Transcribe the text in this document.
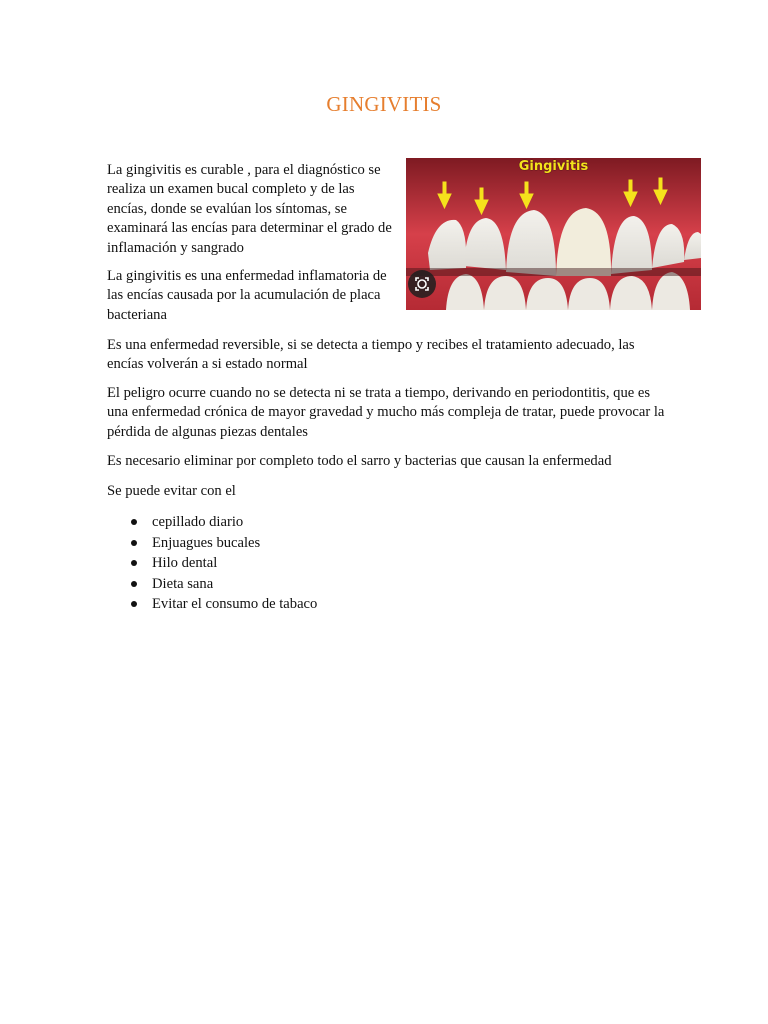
GINGIVITIS

La gingivitis es curable , para el diagnóstico se realiza un examen bucal completo y de las encías, donde se evalúan los síntomas, se examinará las encías para determinar el grado de inflamación y sangrado

La gingivitis es una enfermedad inflamatoria de las encías causada por la acumulación de placa bacteriana

Es una enfermedad reversible, si se detecta a tiempo y recibes el tratamiento adecuado, las encías volverán a si estado normal

El peligro ocurre cuando no se detecta ni se trata a tiempo, derivando en periodontitis, que es una enfermedad crónica de mayor gravedad y mucho más compleja de tratar, puede provocar la pérdida de algunas piezas dentales

Es necesario eliminar por completo todo el sarro y bacterias que causan la enfermedad

Se puede evitar con el

cepillado diario
Enjuagues bucales
Hilo dental
Dieta sana
Evitar el consumo de tabaco
Gingivitis
